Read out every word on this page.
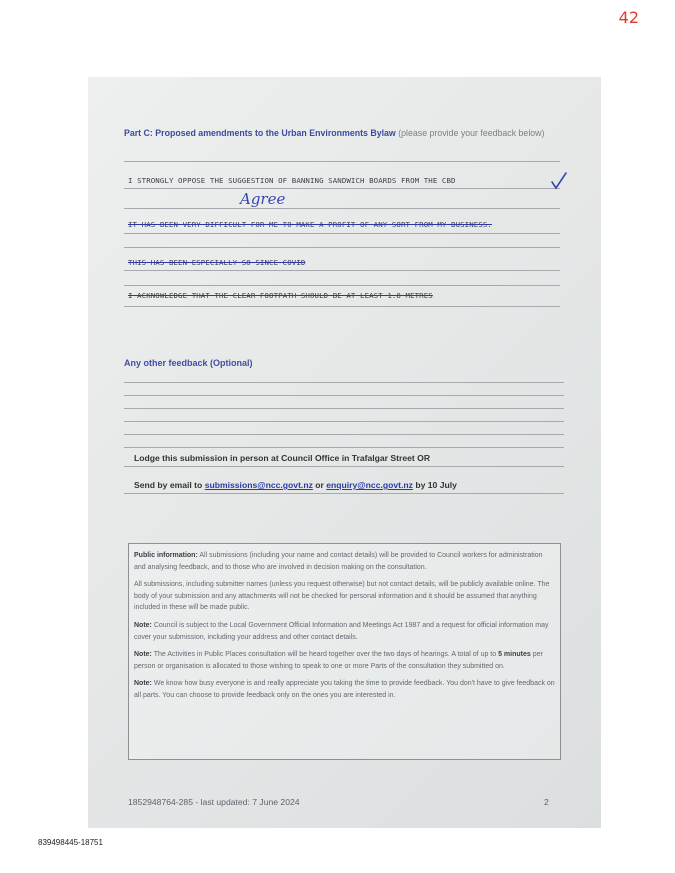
42
Part C: Proposed amendments to the Urban Environments Bylaw (please provide your feedback below)
I STRONGLY OPPOSE THE SUGGESTION OF BANNING SANDWICH BOARDS FROM THE CBD
Agree
IT HAS BEEN VERY DIFFICULT FOR ME TO MAKE A PROFIT OF ANY SORT FROM MY BUSINESS.
THIS HAS BEEN ESPECIALLY SO SINCE COVID
I ACKNOWLEDGE THAT THE CLEAR FOOTPATH SHOULD BE AT LEAST 1.8 METRES
Any other feedback (Optional)
Lodge this submission in person at Council Office in Trafalgar Street OR
Send by email to submissions@ncc.govt.nz or enquiry@ncc.govt.nz by 10 July

Public information: All submissions (including your name and contact details) will be provided to Council workers for administration and analysing feedback, and to those who are involved in decision making on the consultation.

All submissions, including submitter names (unless you request otherwise) but not contact details, will be publicly available online. The body of your submission and any attachments will not be checked for personal information and it should be assumed that anything included in these will be made public.

Note: Council is subject to the Local Government Official Information and Meetings Act 1987 and a request for official information may cover your submission, including your address and other contact details.

Note: The Activities in Public Places consultation will be heard together over the two days of hearings. A total of up to 5 minutes per person or organisation is allocated to those wishing to speak to one or more Parts of the consultation they submitted on.

Note: We know how busy everyone is and really appreciate you taking the time to provide feedback. You don't have to give feedback on all parts. You can choose to provide feedback only on the ones you are interested in.

1852948764-285 - last updated: 7 June 2024	2
839498445-18751
